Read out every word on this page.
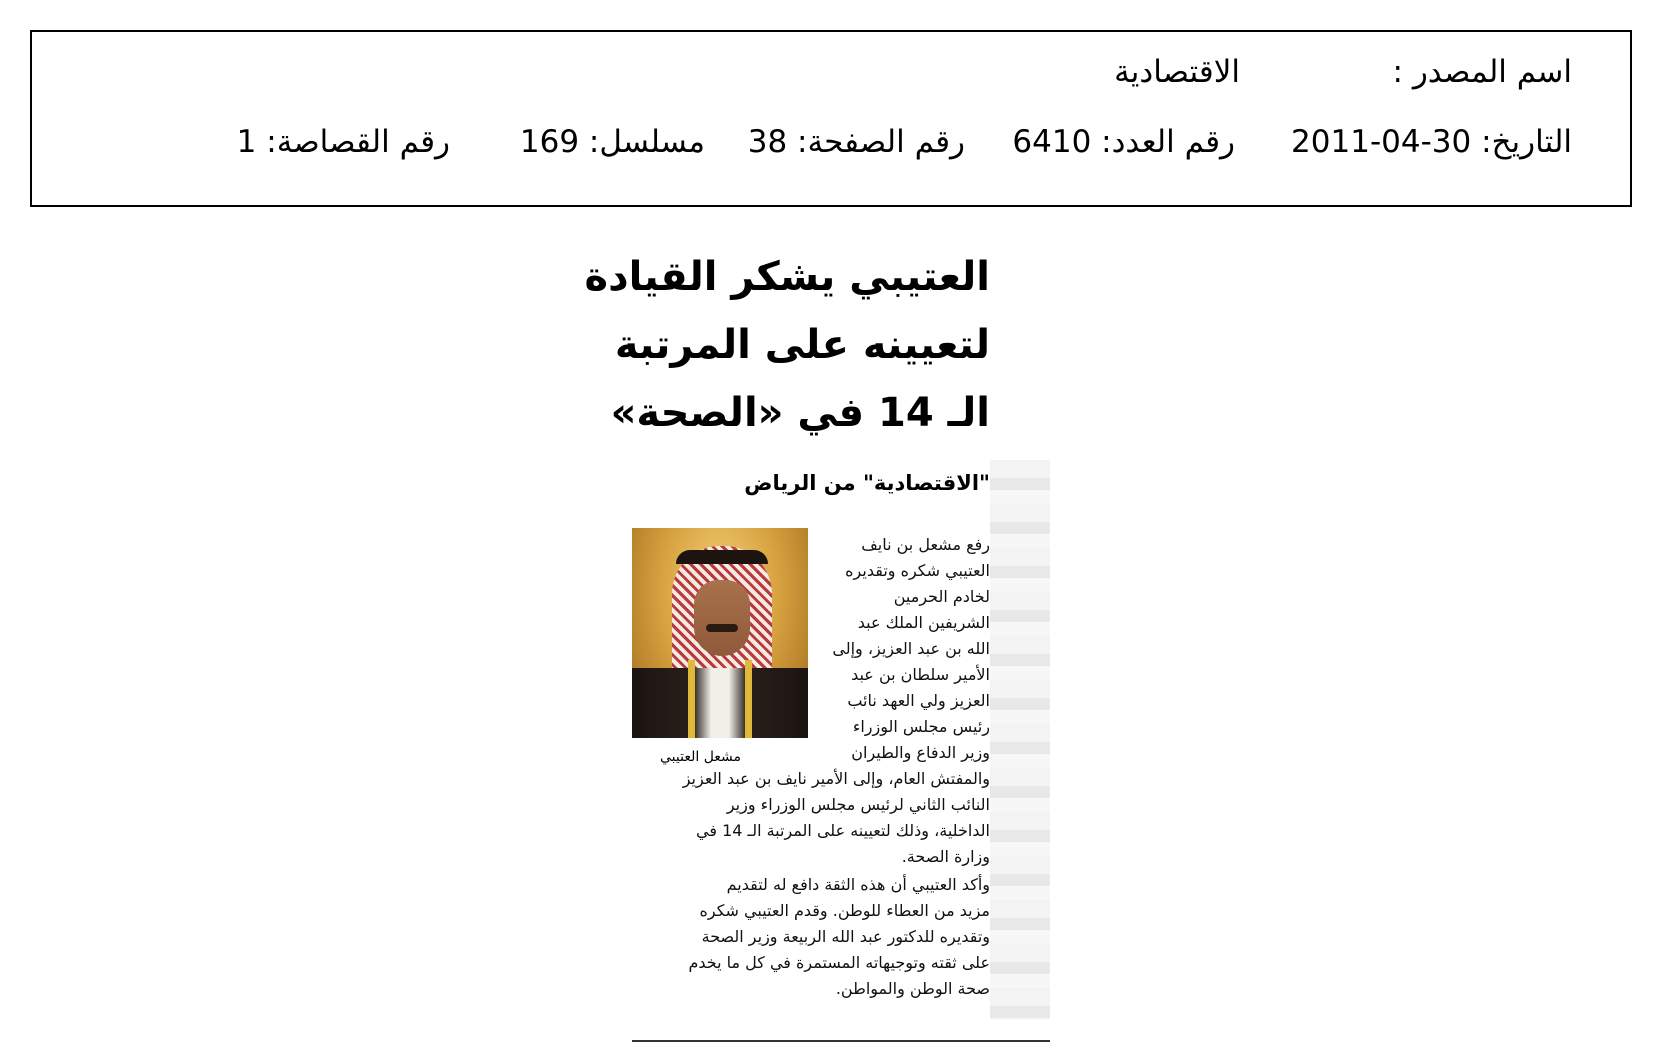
اسم المصدر :
الاقتصادية
التاريخ: 30-04-2011
رقم العدد: 6410
رقم الصفحة: 38
مسلسل: 169
رقم القصاصة: 1
العتيبي يشكر القيادة
لتعيينه على المرتبة
الـ 14 في «الصحة»
"الاقتصادية" من الرياض
مشعل العتيبي
رفع مشعل بن نايف
العتيبي شكره وتقديره
لخادم الحرمين
الشريفين الملك عبد
الله بن عبد العزيز، وإلى
الأمير سلطان بن عبد
العزيز ولي العهد نائب
رئيس مجلس الوزراء
وزير الدفاع والطيران
والمفتش العام، وإلى الأمير نايف بن عبد العزيز
النائب الثاني لرئيس مجلس الوزراء وزير
الداخلية، وذلك لتعيينه على المرتبة الـ 14 في
وزارة الصحة.
وأكد العتيبي أن هذه الثقة دافع له لتقديم
مزيد من العطاء للوطن. وقدم العتيبي شكره
وتقديره للدكتور عبد الله الربيعة وزير الصحة
على ثقته وتوجيهاته المستمرة في كل ما يخدم
صحة الوطن والمواطن.
